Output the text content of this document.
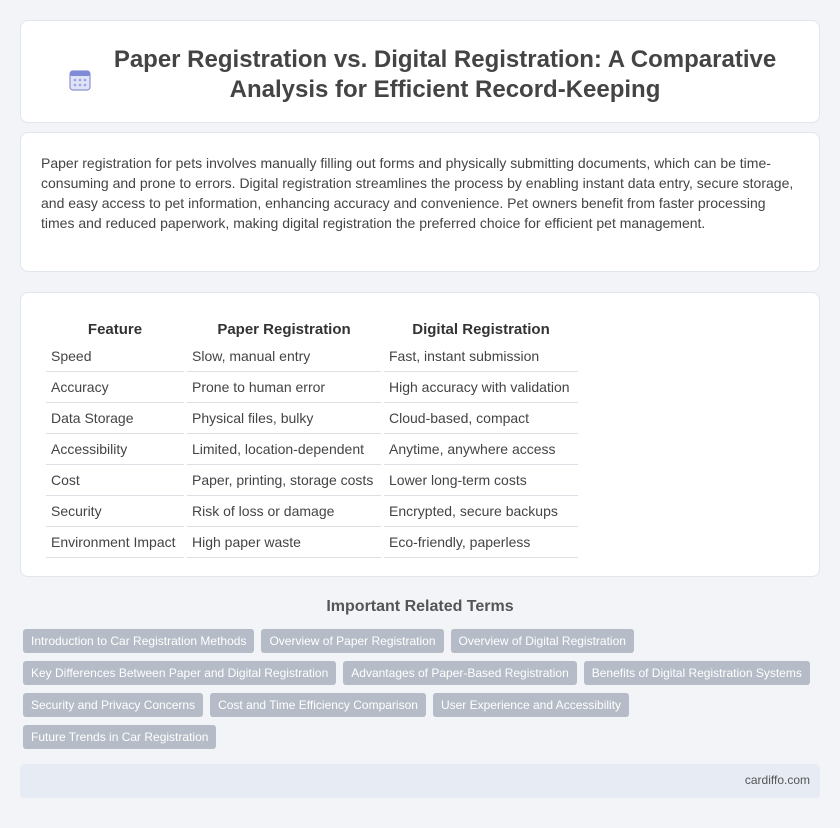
Paper Registration vs. Digital Registration: A Comparative Analysis for Efficient Record-Keeping

Paper registration for pets involves manually filling out forms and physically submitting documents, which can be time-consuming and prone to errors. Digital registration streamlines the process by enabling instant data entry, secure storage, and easy access to pet information, enhancing accuracy and convenience. Pet owners benefit from faster processing times and reduced paperwork, making digital registration the preferred choice for efficient pet management.

Feature	Paper Registration	Digital Registration
Speed	Slow, manual entry	Fast, instant submission
Accuracy	Prone to human error	High accuracy with validation
Data Storage	Physical files, bulky	Cloud-based, compact
Accessibility	Limited, location-dependent	Anytime, anywhere access
Cost	Paper, printing, storage costs	Lower long-term costs
Security	Risk of loss or damage	Encrypted, secure backups
Environment Impact	High paper waste	Eco-friendly, paperless
Important Related Terms
Introduction to Car Registration Methods	Overview of Paper Registration	Overview of Digital Registration
Key Differences Between Paper and Digital Registration	Advantages of Paper-Based Registration	Benefits of Digital Registration Systems
Security and Privacy Concerns	Cost and Time Efficiency Comparison	User Experience and Accessibility
Future Trends in Car Registration
cardiffo.com
